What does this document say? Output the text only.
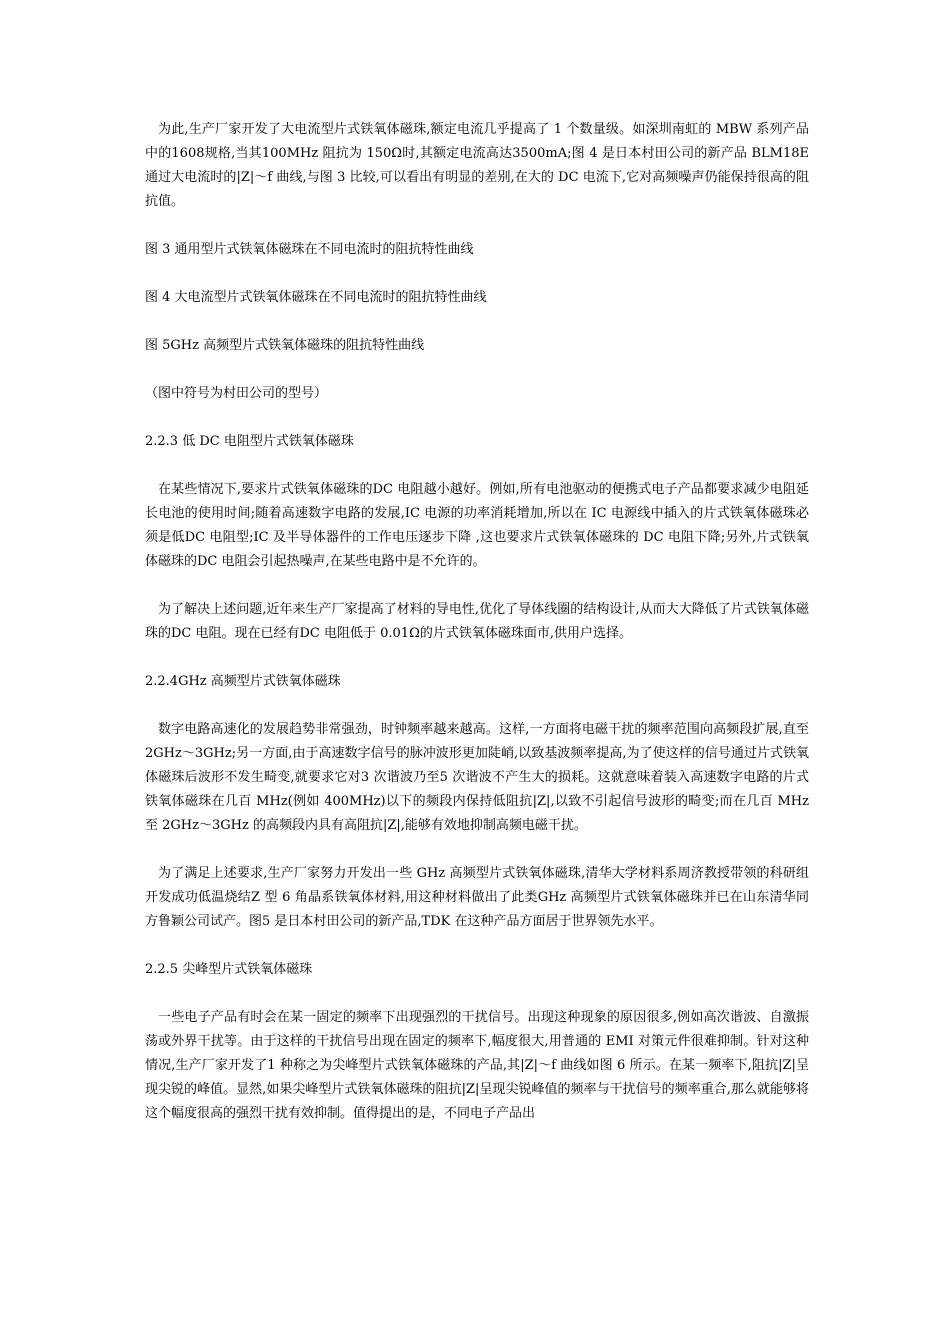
为此,生产厂家开发了大电流型片式铁氧体磁珠,额定电流几乎提高了 1 个数量级。如深圳南虹的 MBW 系列产品中的1608规格,当其100MHz 阻抗为 150Ω时,其额定电流高达3500mA;图 4 是日本村田公司的新产品 BLM18E 通过大电流时的|Z|～f 曲线,与图 3 比较,可以看出有明显的差别,在大的 DC 电流下,它对高频噪声仍能保持很高的阻抗值。

图 3 通用型片式铁氧体磁珠在不同电流时的阻抗特性曲线

图 4 大电流型片式铁氧体磁珠在不同电流时的阻抗特性曲线

图 5GHz 高频型片式铁氧体磁珠的阻抗特性曲线

（图中符号为村田公司的型号）

2.2.3 低 DC 电阻型片式铁氧体磁珠

在某些情况下,要求片式铁氧体磁珠的DC 电阻越小越好。例如,所有电池驱动的便携式电子产品都要求减少电阻延长电池的使用时间;随着高速数字电路的发展,IC 电源的功率消耗增加,所以在 IC 电源线中插入的片式铁氧体磁珠必须是低DC 电阻型;IC 及半导体器件的工作电压逐步下降 ,这也要求片式铁氧体磁珠的 DC 电阻下降;另外,片式铁氧体磁珠的DC 电阻会引起热噪声,在某些电路中是不允许的。

为了解决上述问题,近年来生产厂家提高了材料的导电性,优化了导体线圈的结构设计,从而大大降低了片式铁氧体磁珠的DC 电阻。现在已经有DC 电阻低于 0.01Ω的片式铁氧体磁珠面市,供用户选择。

2.2.4GHz 高频型片式铁氧体磁珠

数字电路高速化的发展趋势非常强劲，时钟频率越来越高。这样,一方面将电磁干扰的频率范围向高频段扩展,直至 2GHz～3GHz;另一方面,由于高速数字信号的脉冲波形更加陡峭,以致基波频率提高,为了使这样的信号通过片式铁氧体磁珠后波形不发生畸变,就要求它对3 次谐波乃至5 次谐波不产生大的损耗。这就意味着装入高速数字电路的片式铁氧体磁珠在几百 MHz(例如 400MHz)以下的频段内保持低阻抗|Z|,以致不引起信号波形的畸变;而在几百 MHz 至 2GHz～3GHz 的高频段内具有高阻抗|Z|,能够有效地抑制高频电磁干扰。

为了满足上述要求,生产厂家努力开发出一些 GHz 高频型片式铁氧体磁珠,清华大学材料系周济教授带领的科研组开发成功低温烧结Z 型 6 角晶系铁氧体材料,用这种材料做出了此类GHz 高频型片式铁氧体磁珠并已在山东清华同方鲁颖公司试产。图5 是日本村田公司的新产品,TDK 在这种产品方面居于世界领先水平。

2.2.5 尖峰型片式铁氧体磁珠

一些电子产品有时会在某一固定的频率下出现强烈的干扰信号。出现这种现象的原因很多,例如高次谐波、自激振荡或外界干扰等。由于这样的干扰信号出现在固定的频率下,幅度很大,用普通的 EMI 对策元件很难抑制。针对这种情况,生产厂家开发了1 种称之为尖峰型片式铁氧体磁珠的产品,其|Z|～f 曲线如图 6 所示。在某一频率下,阻抗|Z|呈现尖锐的峰值。显然,如果尖峰型片式铁氧体磁珠的阻抗|Z|呈现尖锐峰值的频率与干扰信号的频率重合,那么就能够将这个幅度很高的强烈干扰有效抑制。值得提出的是，不同电子产品出
